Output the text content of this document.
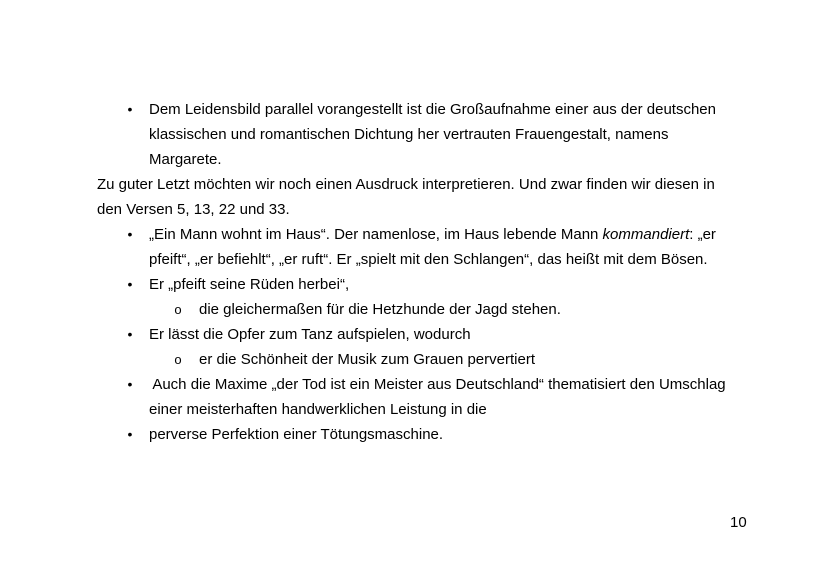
•	Dem Leidensbild parallel vorangestellt ist die Großaufnahme einer aus der deutschen
klassischen und romantischen Dichtung her vertrauten Frauengestalt, namens
Margarete.
Zu guter Letzt möchten wir noch einen Ausdruck interpretieren. Und zwar finden wir diesen in
den Versen 5, 13, 22 und 33.
•	„Ein Mann wohnt im Haus“. Der namenlose, im Haus lebende Mann kommandiert: „er
pfeift“, „er befiehlt“, „er ruft“. Er „spielt mit den Schlangen“, das heißt mit dem Bösen.
•	Er „pfeift seine Rüden herbei“,
o die gleichermaßen für die Hetzhunde der Jagd stehen.
•	Er lässt die Opfer zum Tanz aufspielen, wodurch
o er die Schönheit der Musik zum Grauen pervertiert
•	Auch die Maxime „der Tod ist ein Meister aus Deutschland“ thematisiert den Umschlag
einer meisterhaften handwerklichen Leistung in die
•	perverse Perfektion einer Tötungsmaschine.
10
